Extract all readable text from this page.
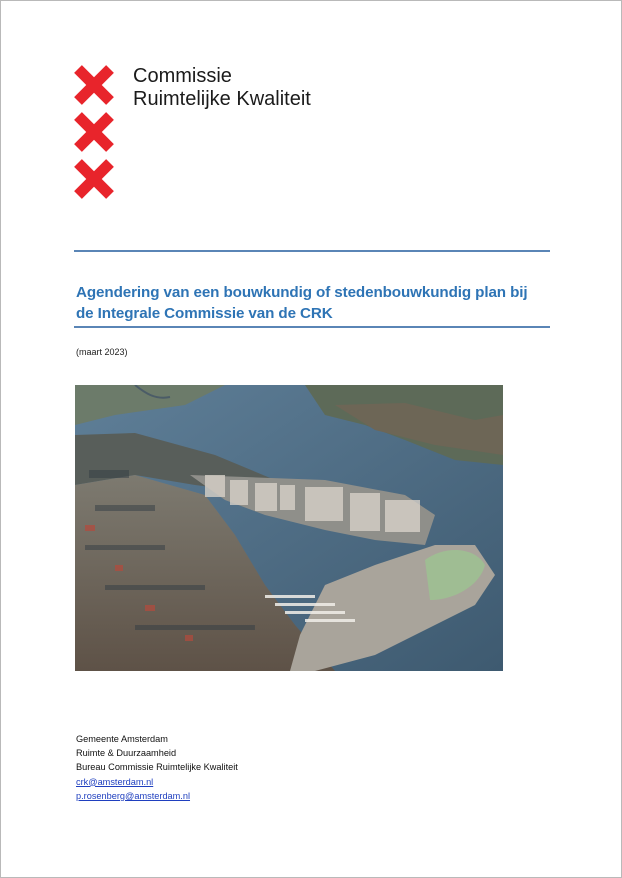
Commissie
Ruimtelijke Kwaliteit
Agendering van een bouwkundig of stedenbouwkundig plan bij
de Integrale Commissie van de CRK
(maart 2023)
Gemeente Amsterdam
Ruimte & Duurzaamheid
Bureau Commissie Ruimtelijke Kwaliteit
crk@amsterdam.nl
p.rosenberg@amsterdam.nl
